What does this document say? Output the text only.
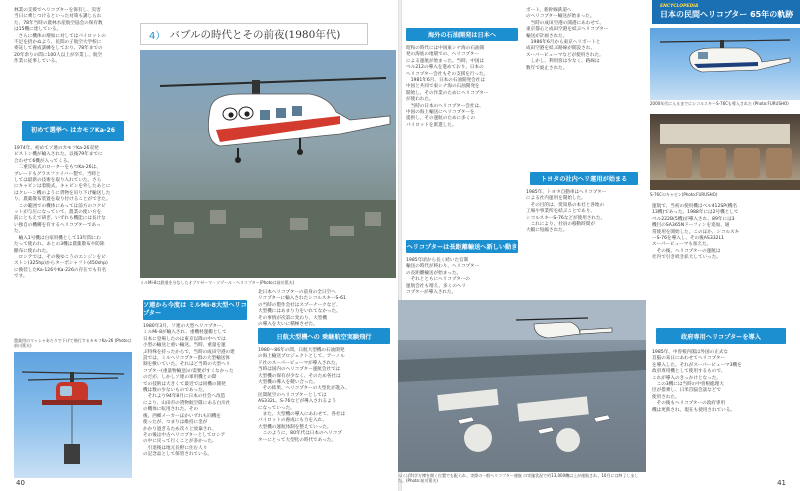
林業の支援でヘリコプターを保有し、災害
当日に乗じつけるといった対策も講じられ
た。78年当時の農林水産航空協会の保有数
は15機に達している。
　さらに機体の増加に対してはパイロットの
不足を招かぬよう、民間の子航空大学校に
委託して養成訓練をしており、78年までの
20年余りの間に100人以上が卒業し、航空
作業に従事している。
初めて選挙へ はカモフKa-26
1974年、初めてソ連のカモフKa-26双発
ピストン機が輸入された。以後79年までに
合わせて6機が入ってくる。
　二重反転式のローターをもつKa-26は、
ブレードもグラスファイバー製で、当時と
しては最新の技術を取り入れていた。さら
にキャビンは着脱式。キャビンを外したあとに
はクレーン機のように貨物を吊り下げ輸送した
り、農薬散布装置を取り付けることができた。
　この範囲での機体にあっては前方のコクピ
ットが与圧になっていて、農業の使い方を
前にともえで研ぎ、いずれも機能には長けな
い独自の機構を有するヘリコプターであっ
た。
　輸入1号機は白家用機として13年間にわ
たって使われ、あとの3機は農薬散布や防除
撒布に使われた。
　ロシアでは、その後ゆこうのエンジンをピ
ストン(325hp)からターボシャフト(450shp)
に換装したKa-126やKa-226の存在でも有名
です。
農業用のマッシャあたりで下げて飛行するカモフKa-26 (Photoは前川篤夫)
40
4） バブルの時代とその前夜(1980年代)
ミルMi-8は鉄道を分なしたオブリゼーマ・ソゾール・ヘリコプター(Photoは前川篤夫)
ソ連から今度は ミルMi-8大型ヘリコプター
1980年3月、ソ連の大型ヘリコプター、
ミルMi-8が輸入され、重機材運搬として
日本に登場したのは東京以降の中へでは
小型の輸送と重い輸送。当時、重量を運
ぶ特殊を持ったからで、当時の成田空港の建
設では、ミルヘリコプター群の大型輸送体
制を敷いていた。それほど当時の大型ヘリ
コプター(重量物輸送)の需要がすくなかった
のだが、しかしソ連の軍用機との間
での技術は大きくて最近では同機の開発
機は数の少ないものであった。
　それより94年8月に日本の社会へ改造
により、山田市の貨物航空隊にある白川社
の機体に転用された。その
後、西郷メーカーほかいずれも同機を
使ったが、つまりは維持に金が
かかり過ぎるため次々と放棄され、
その後は中古ヘリコプターとしてロシア
の中に戻って行くことが多かった。
　引退後は地元長野に住む人々
の記念品として保管されている。
北日本ヘリコプターの前身の全日空ヘ
リコプターに輸入されたシコルスキーS-61
の当時の製作会社はスプーナークなど、
大型機にはあまり力をいれてなかった。
その事情が次第に変わり、大型機
の導入を大いに積極させた。
日航大型機への 乗継航空実験飛行
1980〜86年の間、日航大型機の石油開発
の海上輸送プロジェクトとして、アーノル
ド社のスーパーピューマが導入された。
当時は国内のヘリコプター運航会社では
大型機の保有が少なく、そのため各社は
大型機の導入を競い合った。
　その結果、ヘリコプターの大型化が進み、
民間航空のヘリコプターとしては
AS332L、S-76などが導入されるよう
になっていった。
　また、大型機の導入にあわせて、各社は
パイロットの養成にも力を入れ、
大型機の運航体制を整えていった。
　このように、80年代は日本のヘリコプ
ターにとって大型化の時代であった。
ENCYCLOPEDIA
日本の民間ヘリコプター 65年の軌跡
海外の石油開発は日本へ
昭和の時代には中国東シナ海の石油開
発の海底の地層での、ヘリコプター
による運航が始まった。当時、中国は
ベル212の導入を進めており、日本の
ヘリコプター会社もその支援を行った。
　1981年6月、日本の石油開発会社は
中国と共同で東シナ海の石油開発を
開始し、その作業のためにヘリコプター
が使われた。
　当時の日本のヘリコプター会社は、
中国の海上輸送にヘリコプターを
提供し、その運航のために多くの
パイロットを派遣した。
ヘリコプターは長距離輸送へ新しい動き
1985年頃から長く続いた官制
輸送の時代が終わり、ヘリコプター
の長距離輸送が始まった。
　それとともにヘリコプターの
運航会社も増え、多くのヘリ
コプターが導入された。
ポート、新幹線鉄道へ
のヘリコプター輸送が始まった。
　当時の成田空港の開港にあわせて、
東京都心と成田空港を結ぶヘリコプター
輸送が計画された。
　1986年6月から東京へリポートと
成田空港を結ぶ路線が開設され、
スーパーピューマなどが使用された。
　しかし、利用客は少なく、路線は
数年で廃止された。
トヨタの社内ヘリ運用が始まる
1985年、トヨタ自動車はヘリコプター
による社内運用を開始した。
　その目的は、愛知県の本社と各地の
工場や事業所を結ぶことであり、
シコルスキーS-76などが使用された。
　これにより、社員の移動時間が
大幅に短縮された。
つくば科学万博を開く位置でも配られ、実際の一般ヘリコプター運航 の実施状況で約13,000機以上が運航され、10月には終了しました。(Photo:前川篤夫)
2000年代に入るまでにシコルスキーS-76Cも導入された (Photo:FURUSHO)
S-76Cのキャビン(Photo:FURUSHO)
運航で、当初の使用機はベル412SP(機名
13機)であった。1988年には2号機として
ベル222B(5機)が導入され、89年には3
機目のSA365Nドーフィンを追加、通
常使用を開始した。このほか、シコルスキ
ーS-76を導入し、その後AS332L1
スーパーピューマも加えた。
　その後、ヘリコプターの運航は
社内で引き続き拡大していった。
政府専用ヘリコプターを導入
1985年、中曽根内閣は外国の正式な
首脳の来日にあわせてヘリコプター
を導入した。それがスーパーピューマ3機を
政府専用機として使用するもので、
これが導入のきっかけとなった。
　この3機には当時の中曽根総理大
臣が搭乗し、日米首脳会談などで
使用された。
　その後もヘリコプターの政府専用
機は更新され、現在も使用されている。
41
